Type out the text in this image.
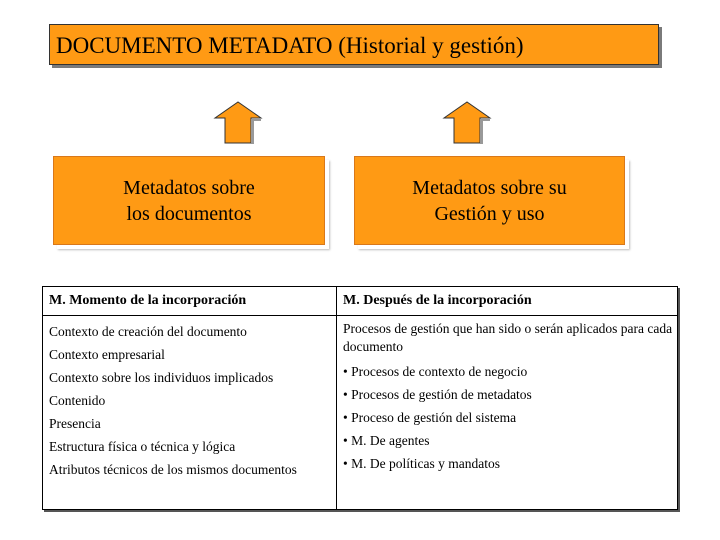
DOCUMENTO METADATO (Historial y gestión)
Metadatos sobre
los documentos
Metadatos sobre su
Gestión y uso
M. Momento de la incorporación	M. Después de la incorporación
Contexto de creación del documento
Contexto empresarial
Contexto sobre los individuos implicados
Contenido
Presencia
Estructura física o técnica y lógica
Atributos técnicos de los mismos documentos
Procesos de gestión que han sido o serán aplicados para cada documento
• Procesos de contexto de negocio
• Procesos de gestión de metadatos
• Proceso de gestión del sistema
• M. De agentes
• M. De políticas y mandatos
